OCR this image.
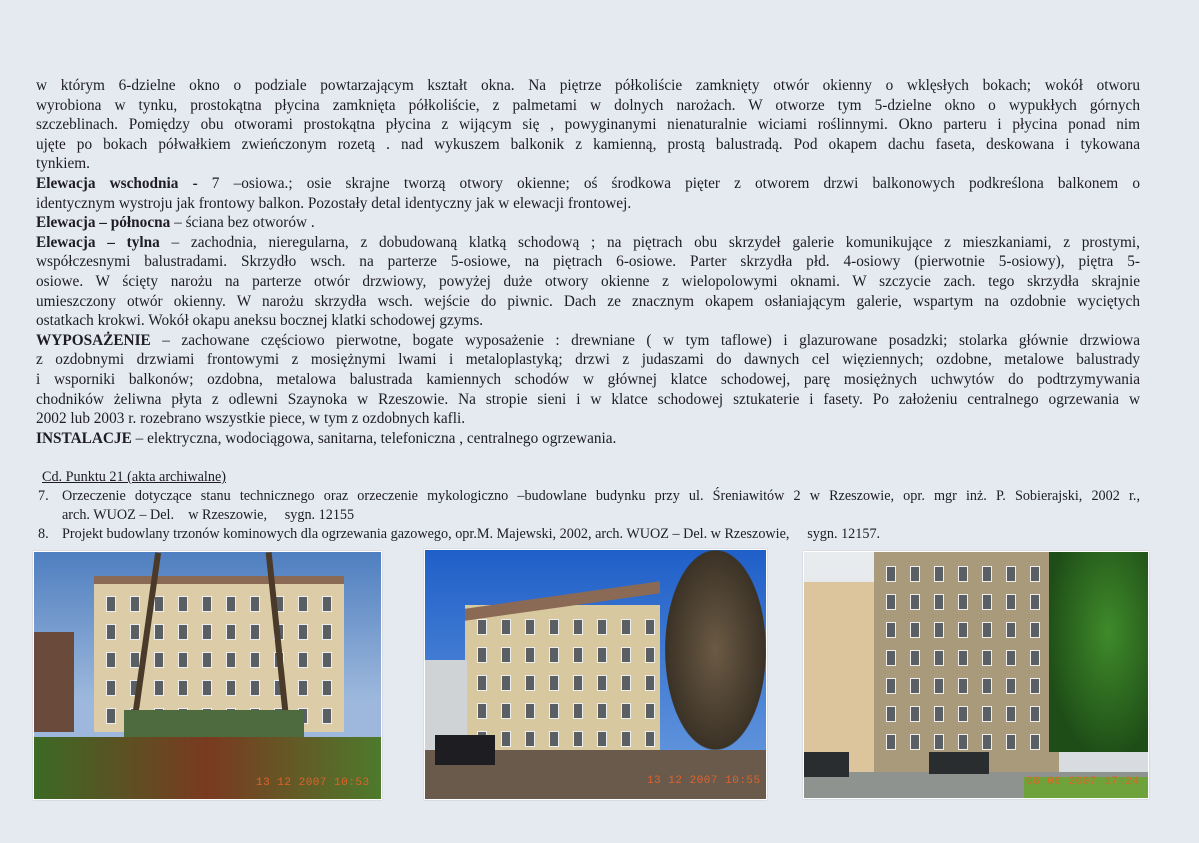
w którym 6-dzielne okno o podziale powtarzającym kształt okna. Na piętrze półkoliście zamknięty otwór okienny o wklęsłych bokach; wokół otworu
wyrobiona w tynku, prostokątna płycina zamknięta półkoliście, z palmetami w dolnych narożach. W otworze tym 5-dzielne okno o wypukłych górnych
szczeblinach. Pomiędzy obu otworami prostokątna płycina z wijącym się , powyginanymi nienaturalnie wiciami roślinnymi. Okno parteru i płycina ponad nim
ujęte po bokach półwałkiem zwieńczonym rozetą . nad wykuszem balkonik z kamienną, prostą balustradą. Pod okapem dachu faseta, deskowana i tykowana
tynkiem.
Elewacja wschodnia - 7 –osiowa.; osie skrajne tworzą otwory okienne; oś środkowa pięter z otworem drzwi balkonowych podkreślona balkonem o
identycznym wystroju jak frontowy balkon. Pozostały detal identyczny jak w elewacji frontowej.
Elewacja – północna – ściana bez otworów .
Elewacja – tylna – zachodnia, nieregularna, z dobudowaną klatką schodową ; na piętrach obu skrzydeł galerie komunikujące z mieszkaniami, z prostymi,
współczesnymi balustradami. Skrzydło wsch. na parterze 5-osiowe, na piętrach 6-osiowe. Parter skrzydła płd. 4-osiowy (pierwotnie 5-osiowy), piętra 5-
osiowe. W ścięty narożu na parterze otwór drzwiowy, powyżej duże otwory okienne z wielopolowymi oknami. W szczycie zach. tego skrzydła skrajnie
umieszczony otwór okienny. W narożu skrzydła wsch. wejście do piwnic. Dach ze znacznym okapem osłaniającym galerie, wspartym na ozdobnie wyciętych
ostatkach krokwi. Wokół okapu aneksu bocznej klatki schodowej gzyms.
WYPOSAŻENIE – zachowane częściowo pierwotne, bogate wyposażenie : drewniane ( w tym taflowe) i glazurowane posadzki; stolarka głównie drzwiowa
z ozdobnymi drzwiami frontowymi z mosiężnymi lwami i metaloplastyką; drzwi z judaszami do dawnych cel więziennych; ozdobne, metalowe balustrady
i wsporniki balkonów; ozdobna, metalowa balustrada kamiennych schodów w głównej klatce schodowej, parę mosiężnych uchwytów do podtrzymywania
chodników żeliwna płyta z odlewni Szaynoka w Rzeszowie. Na stropie sieni i w klatce schodowej sztukaterie i fasety. Po założeniu centralnego ogrzewania w
2002 lub 2003 r. rozebrano wszystkie piece, w tym z ozdobnych kafli.
INSTALACJE – elektryczna, wodociągowa, sanitarna, telefoniczna , centralnego ogrzewania.
Cd. Punktu 21 (akta archiwalne)
7. Orzeczenie dotyczące stanu technicznego oraz orzeczenie mykologiczno –budowlane budynku przy ul. Śreniawitów 2 w Rzeszowie, opr. mgr inż. P. Sobierajski, 2002 r.,
arch. WUOZ – Del.    w Rzeszowie,     sygn. 12155
8. Projekt budowlany trzonów kominowych dla ogrzewania gazowego, opr.M. Majewski, 2002, arch. WUOZ – Del. w Rzeszowie,     sygn. 12157.
13 12 2007 10:53	13 12 2007 10:55	08 06 2007 17:24
